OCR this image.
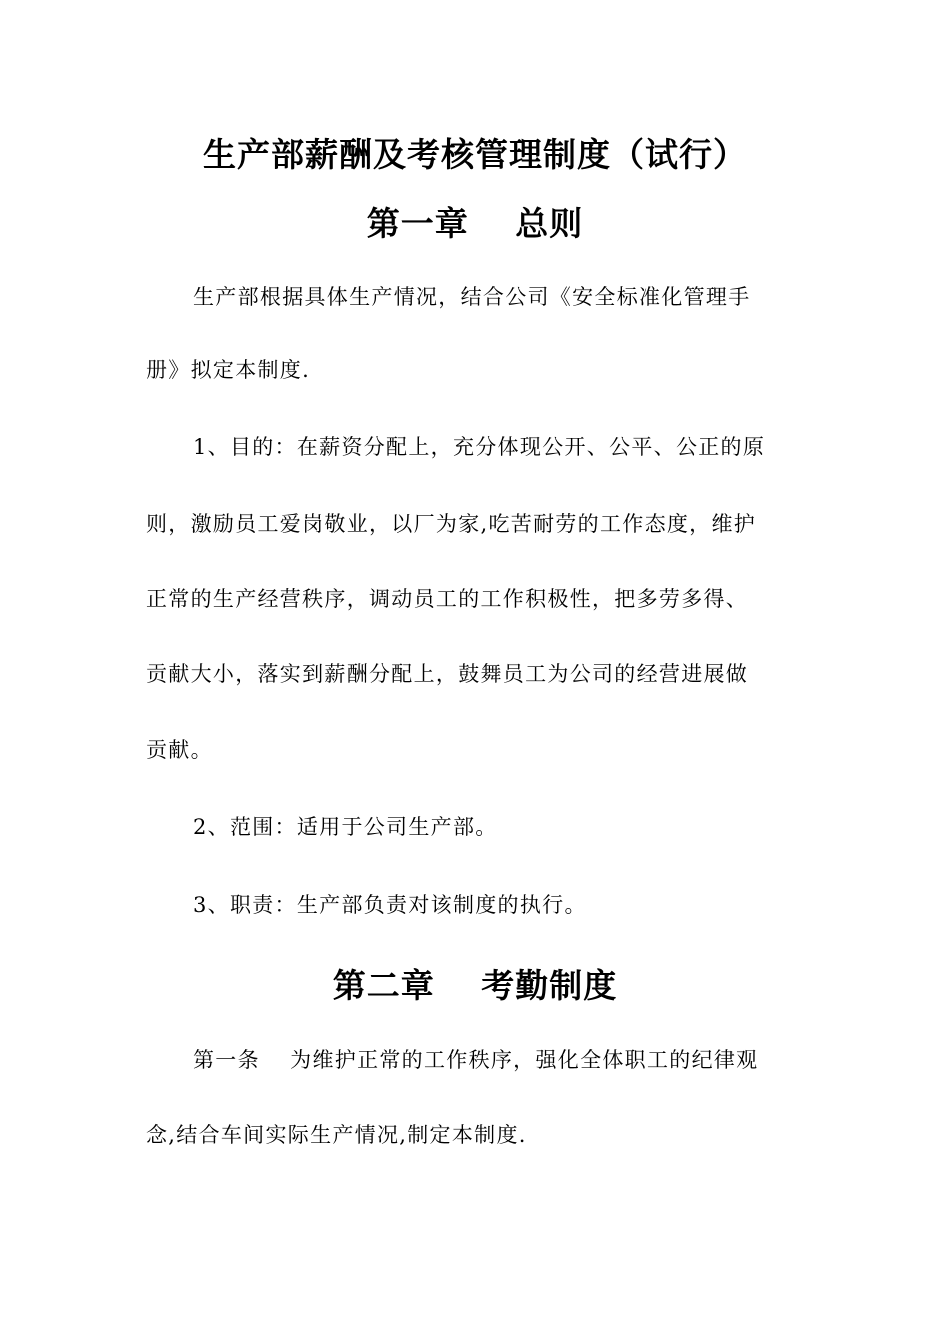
生产部薪酬及考核管理制度（试行）
第一章　 总则
生产部根据具体生产情况，结合公司《安全标准化管理手
册》拟定本制度.
1、目的：在薪资分配上，充分体现公开、公平、公正的原
则，激励员工爱岗敬业，以厂为家,吃苦耐劳的工作态度，维护
正常的生产经营秩序，调动员工的工作积极性，把多劳多得、
贡献大小，落实到薪酬分配上，鼓舞员工为公司的经营进展做
贡献。
2、范围：适用于公司生产部。
3、职责：生产部负责对该制度的执行。
第二章　 考勤制度
第一条　 为维护正常的工作秩序，强化全体职工的纪律观
念,结合车间实际生产情况,制定本制度.
